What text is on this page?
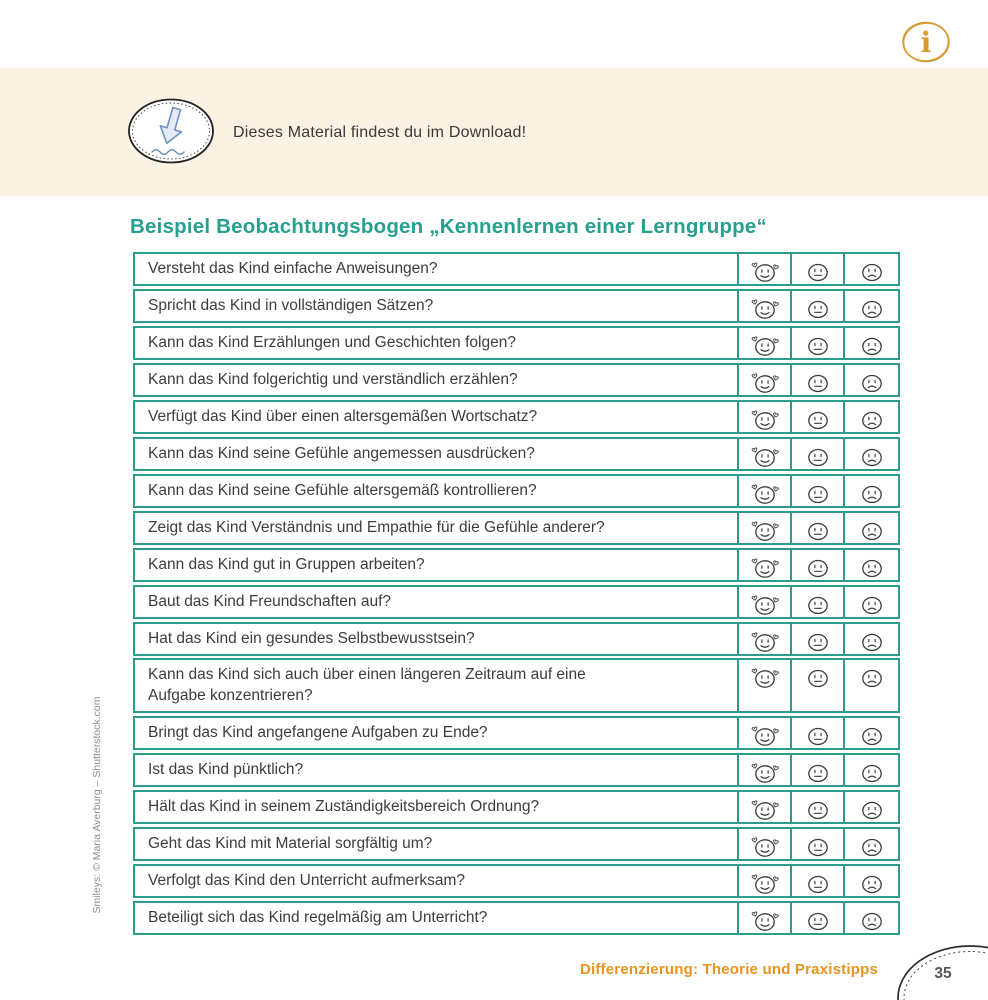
i
Dieses Material findest du im Download!
Beispiel Beobachtungsbogen „Kennenlernen einer Lerngruppe“
Versteht das Kind einfache Anweisungen?
Spricht das Kind in vollständigen Sätzen?
Kann das Kind Erzählungen und Geschichten folgen?
Kann das Kind folgerichtig und verständlich erzählen?
Verfügt das Kind über einen altersgemäßen Wortschatz?
Kann das Kind seine Gefühle angemessen ausdrücken?
Kann das Kind seine Gefühle altersgemäß kontrollieren?
Zeigt das Kind Verständnis und Empathie für die Gefühle anderer?
Kann das Kind gut in Gruppen arbeiten?
Baut das Kind Freundschaften auf?
Hat das Kind ein gesundes Selbstbewusstsein?
Kann das Kind sich auch über einen längeren Zeitraum auf eine Aufgabe konzentrieren?
Bringt das Kind angefangene Aufgaben zu Ende?
Ist das Kind pünktlich?
Hält das Kind in seinem Zuständigkeitsbereich Ordnung?
Geht das Kind mit Material sorgfältig um?
Verfolgt das Kind den Unterricht aufmerksam?
Beteiligt sich das Kind regelmäßig am Unterricht?
Smileys: © Maria Averburg – Shutterstock.com
Differenzierung: Theorie und Praxistipps	35
